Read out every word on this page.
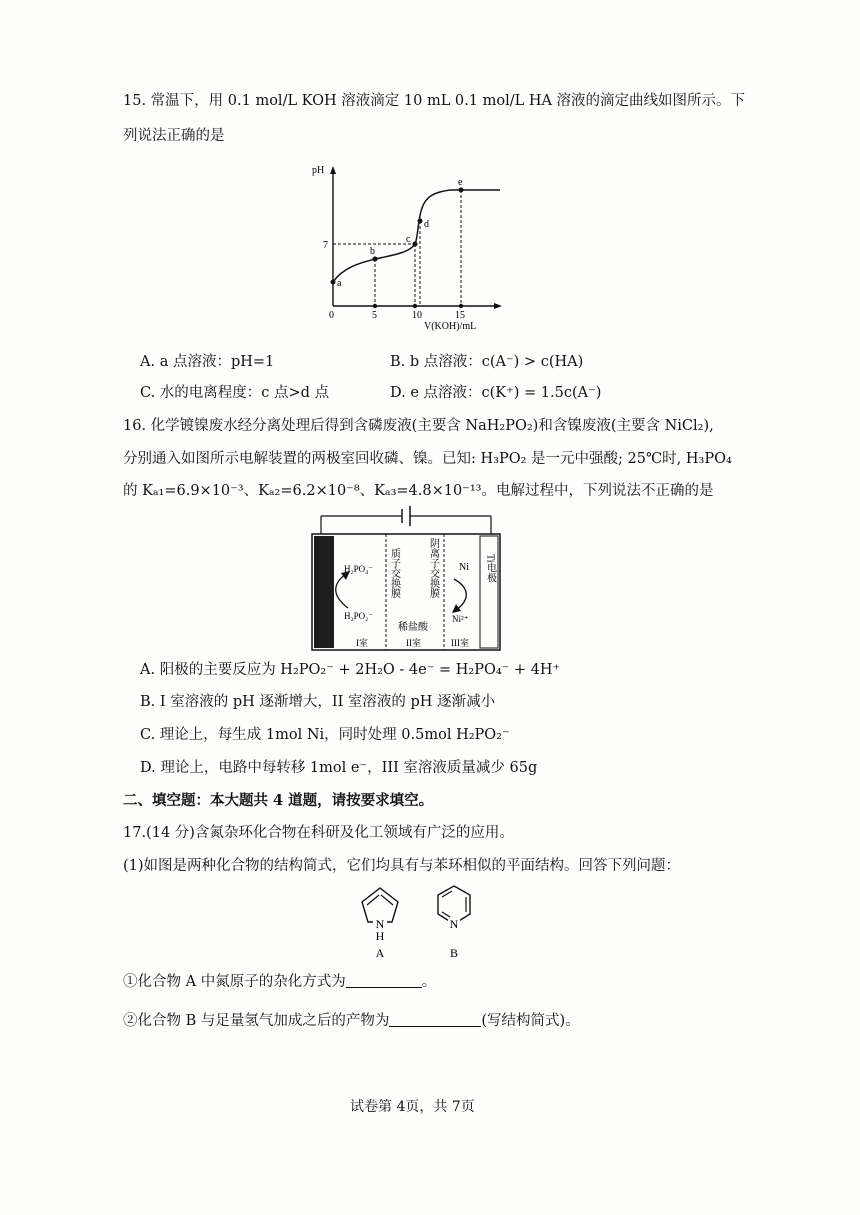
15. 常温下，用 0.1 mol/L KOH 溶液滴定 10 mL 0.1 mol/L HA 溶液的滴定曲线如图所示。下
列说法正确的是
pH
V(KOH)/mL
0	5	10	15
7
a
b
c
d
e
A. a 点溶液：pH=1	B. b 点溶液：c(A⁻) > c(HA)
C. 水的电离程度：c 点>d 点	D. e 点溶液：c(K⁺) = 1.5c(A⁻)
16. 化学镀镍废水经分离处理后得到含磷废液(主要含 NaH₂PO₂)和含镍废液(主要含 NiCl₂),
分别通入如图所示电解装置的两极室回收磷、镍。已知: H₃PO₂ 是一元中强酸; 25℃时, H₃PO₄
的 Kₐ₁=6.9×10⁻³、Kₐ₂=6.2×10⁻⁸、Kₐ₃=4.8×10⁻¹³。电解过程中，下列说法不正确的是
H₂PO₄⁻
H₂PO₂⁻
Ni
Ni²⁺
稀盐酸
I室	II室	III室
质子交换膜	阴离子交换膜	Ti电极
A. 阳极的主要反应为 H₂PO₂⁻ + 2H₂O - 4e⁻ = H₂PO₄⁻ + 4H⁺
B. I 室溶液的 pH 逐渐增大，II 室溶液的 pH 逐渐减小
C. 理论上，每生成 1mol Ni，同时处理 0.5mol H₂PO₂⁻
D. 理论上，电路中每转移 1mol e⁻，III 室溶液质量减少 65g
二、填空题：本大题共 4 道题，请按要求填空。
17.(14 分)含氮杂环化合物在科研及化工领域有广泛的应用。
(1)如图是两种化合物的结构简式，它们均具有与苯环相似的平面结构。回答下列问题：
N
H
A
N
B
①化合物 A 中氮原子的杂化方式为	。
②化合物 B 与足量氢气加成之后的产物为	(写结构简式)。
试卷第 4页，共 7页
